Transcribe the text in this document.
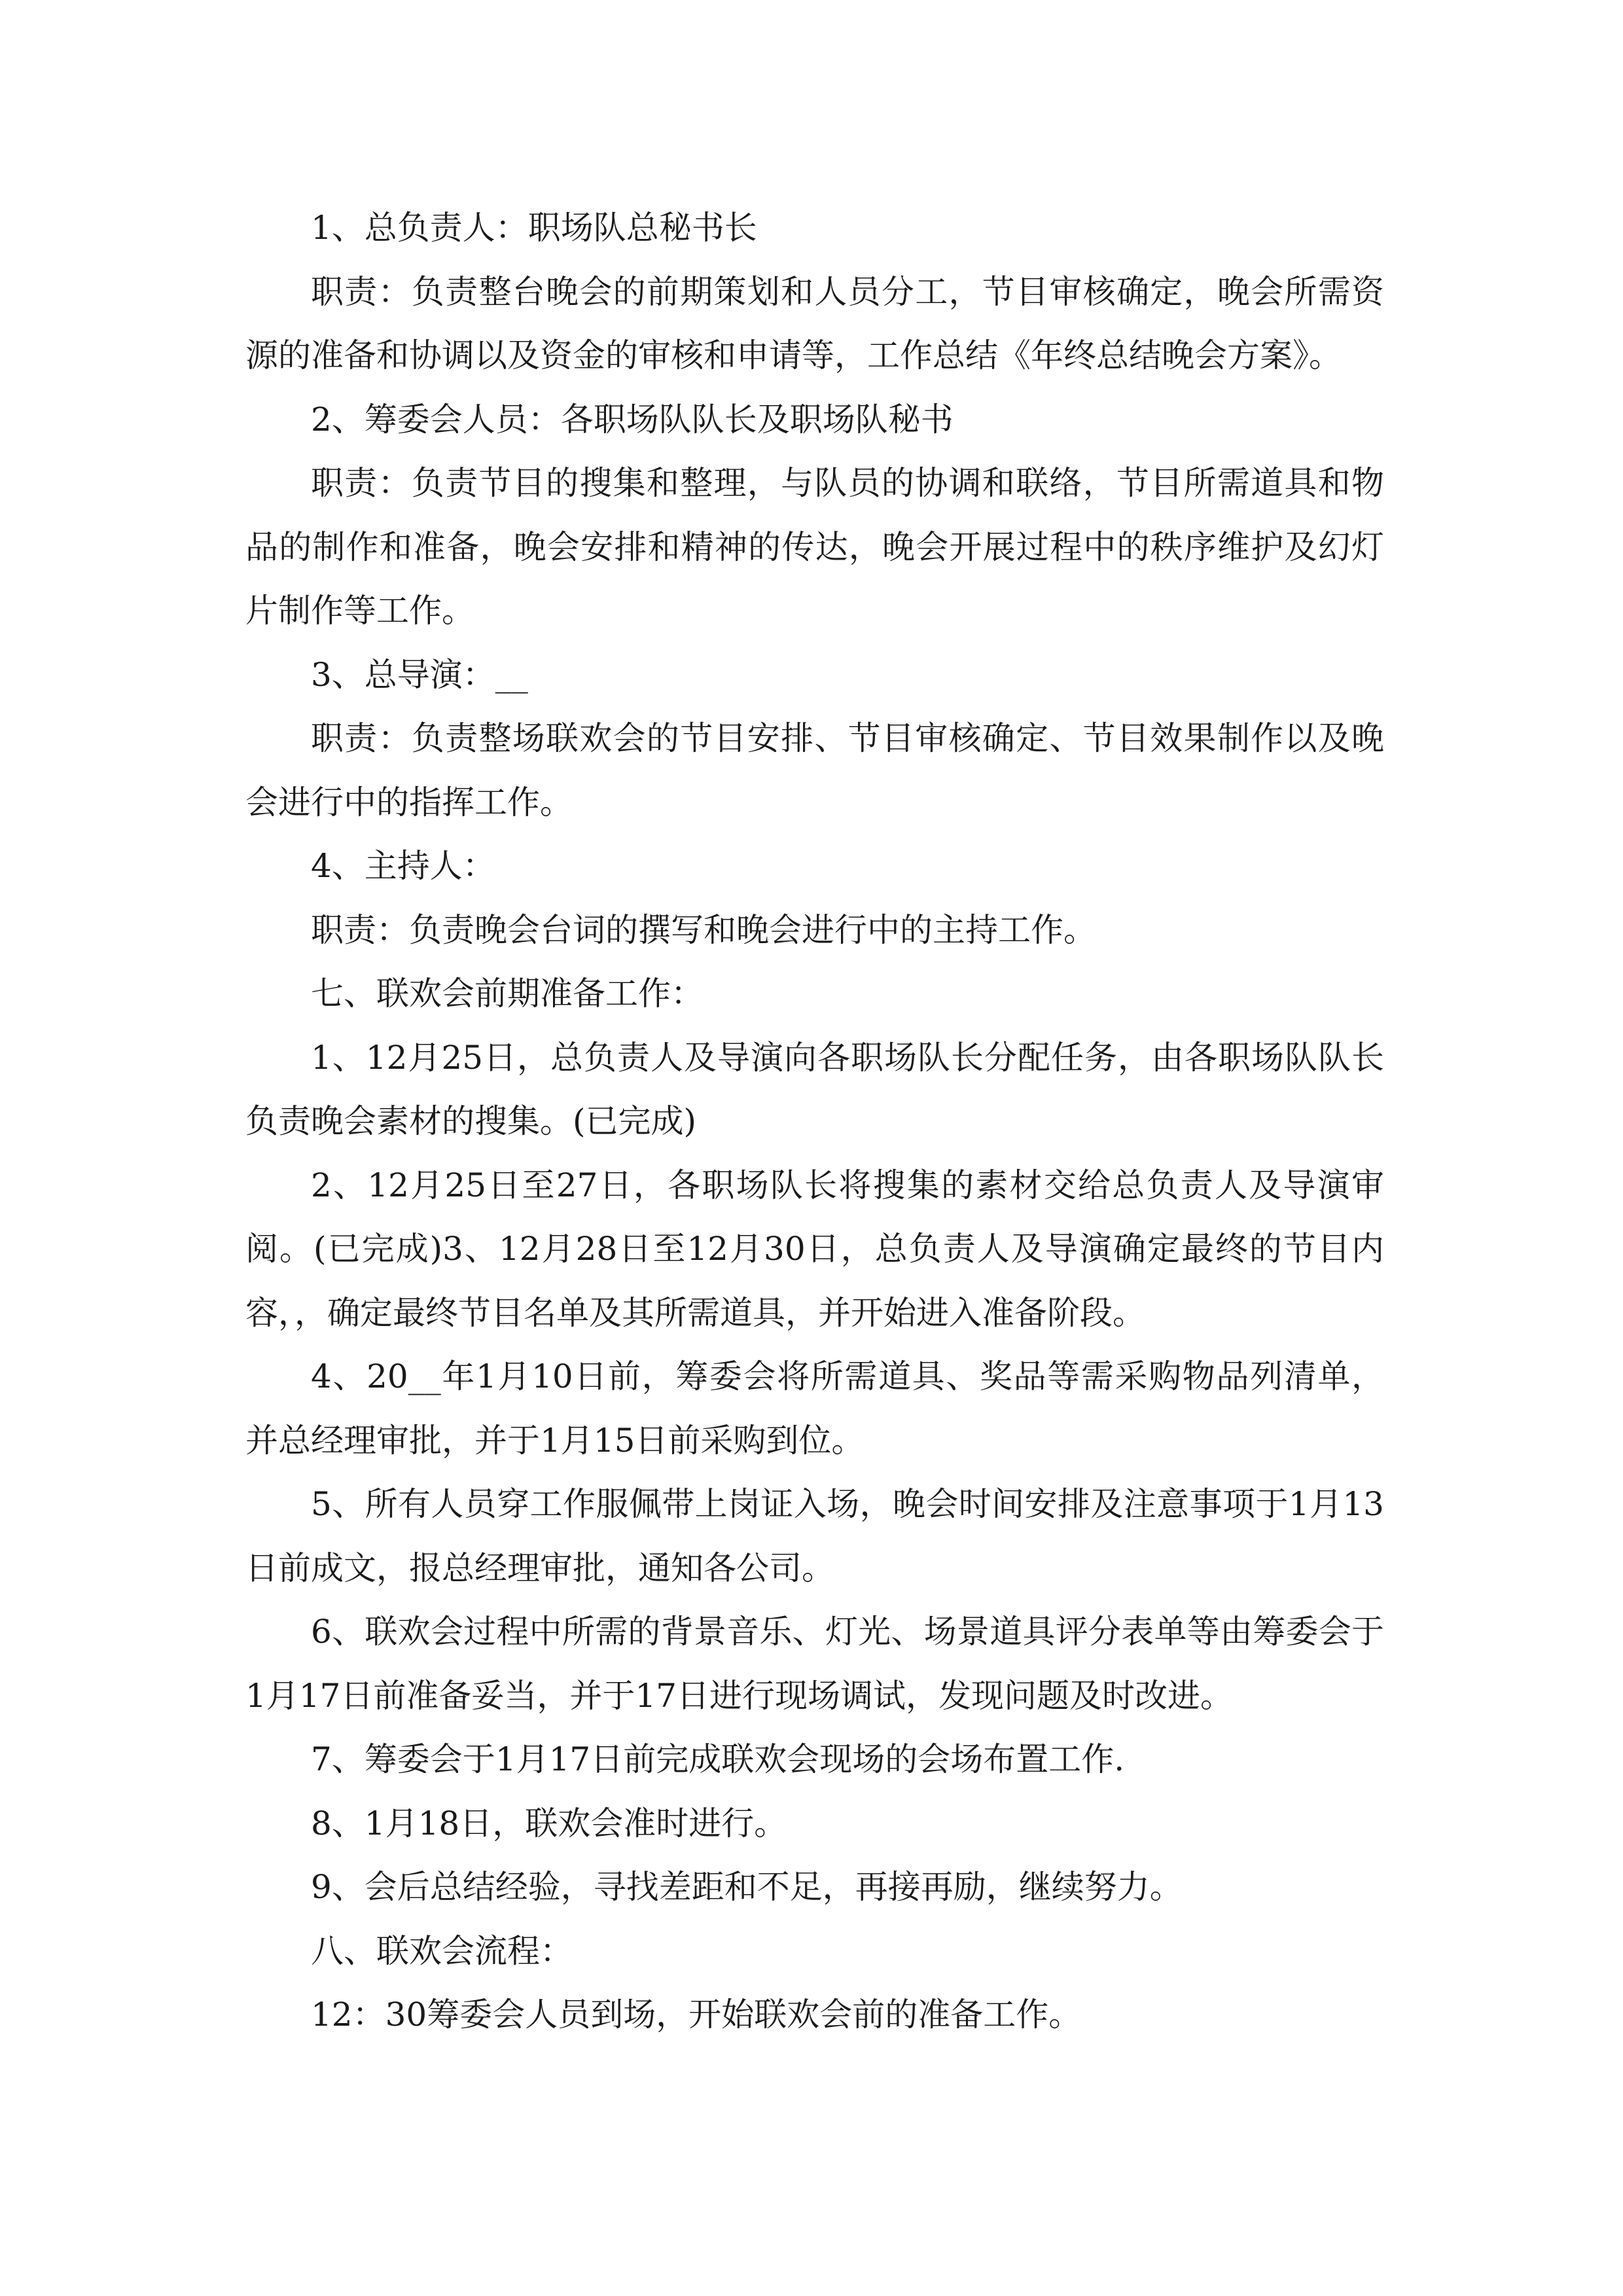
1、总负责人：职场队总秘书长

职责：负责整台晚会的前期策划和人员分工，节目审核确定，晚会所需资源的准备和协调以及资金的审核和申请等，工作总结《年终总结晚会方案》。

2、筹委会人员：各职场队队长及职场队秘书

职责：负责节目的搜集和整理，与队员的协调和联络，节目所需道具和物品的制作和准备，晚会安排和精神的传达，晚会开展过程中的秩序维护及幻灯片制作等工作。

3、总导演：__

职责：负责整场联欢会的节目安排、节目审核确定、节目效果制作以及晚会进行中的指挥工作。

4、主持人：

职责：负责晚会台词的撰写和晚会进行中的主持工作。

七、联欢会前期准备工作：

1、12月25日，总负责人及导演向各职场队长分配任务，由各职场队队长负责晚会素材的搜集。(已完成)

2、12月25日至27日，各职场队长将搜集的素材交给总负责人及导演审阅。(已完成)3、12月28日至12月30日，总负责人及导演确定最终的节目内容，，确定最终节目名单及其所需道具，并开始进入准备阶段。

4、20__年1月10日前，筹委会将所需道具、奖品等需采购物品列清单，并总经理审批，并于1月15日前采购到位。

5、所有人员穿工作服佩带上岗证入场，晚会时间安排及注意事项于1月13日前成文，报总经理审批，通知各公司。

6、联欢会过程中所需的背景音乐、灯光、场景道具评分表单等由筹委会于1月17日前准备妥当，并于17日进行现场调试，发现问题及时改进。

7、筹委会于1月17日前完成联欢会现场的会场布置工作.

8、1月18日，联欢会准时进行。

9、会后总结经验，寻找差距和不足，再接再励，继续努力。

八、联欢会流程：

12：30筹委会人员到场，开始联欢会前的准备工作。
